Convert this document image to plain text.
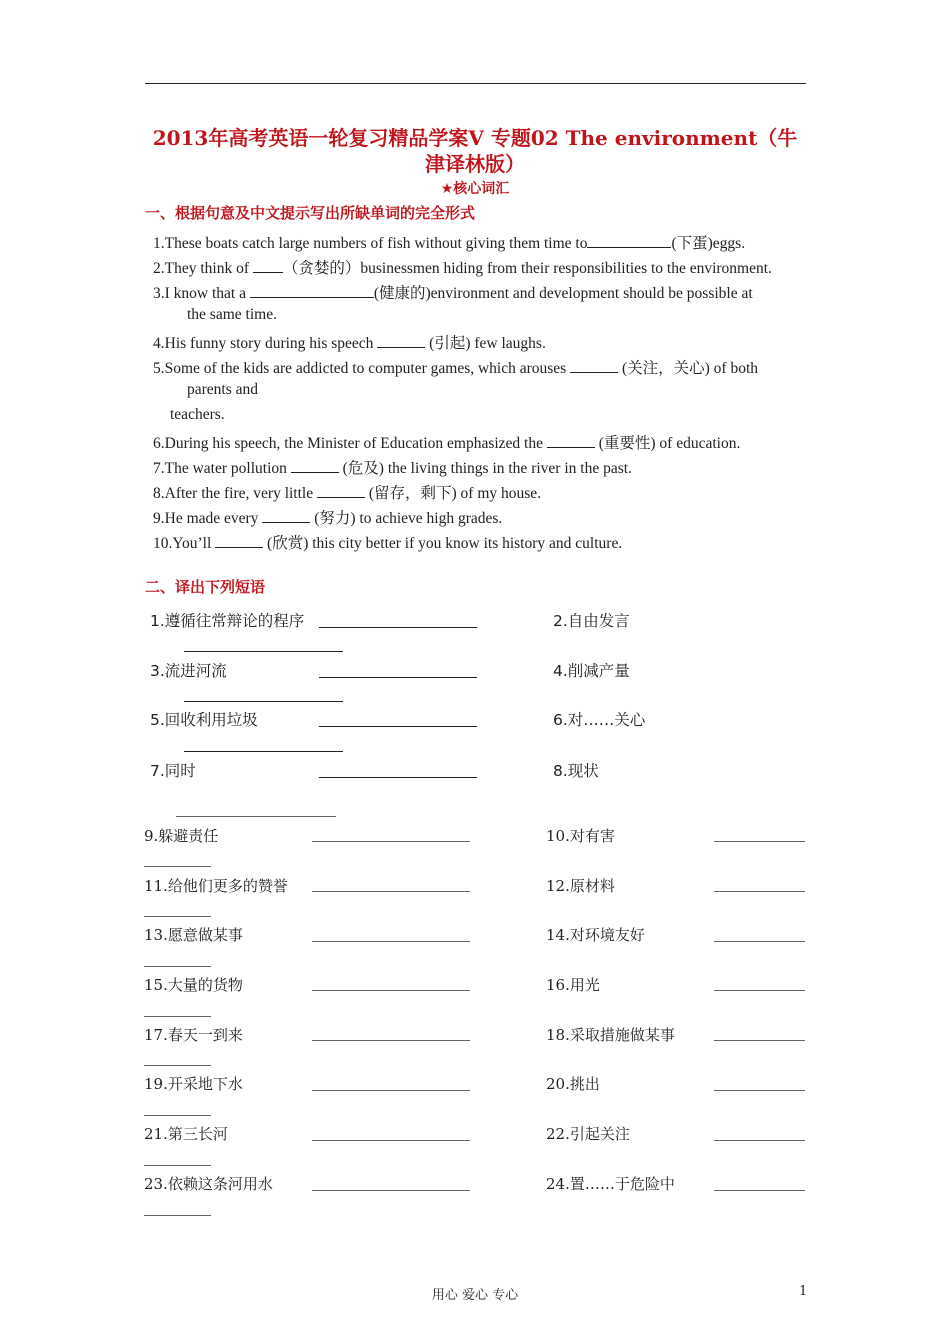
2013年高考英语一轮复习精品学案Ⅴ 专题02 The environment（牛
津译林版）
★核心词汇
一、根据句意及中文提示写出所缺单词的完全形式
1.These boats catch large numbers of fish without giving them time to	(下蛋)eggs.
2.They think of （贪婪的）businessmen hiding from their responsibilities to the environment.
3.I know that a	(健康的)environment and development should be possible at
the same time.
4.His funny story during his speech	(引起) few laughs.
5.Some of the kids are addicted to computer games, which arouses	(关注，关心) of both
parents and
teachers.
6.During his speech, the Minister of Education emphasized the	(重要性) of education.
7.The water pollution	(危及) the living things in the river in the past.
8.After the fire, very little	(留存，剩下) of my house.
9.He made every	(努力) to achieve high grades.
10.You’ll	(欣赏) this city better if you know its history and culture.
二、译出下列短语
1.遵循往常辩论的程序	2.自由发言
3.流进河流	4.削减产量
5.回收利用垃圾	6.对……关心
7.同时	8.现状
9.躲避责任	10.对有害
11.给他们更多的赞誉	12.原材料
13.愿意做某事	14.对环境友好
15.大量的货物	16.用光
17.春天一到来	18.采取措施做某事
19.开采地下水	20.挑出
21.第三长河	22.引起关注
23.依赖这条河用水	24.置……于危险中
用心 爱心 专心	1
